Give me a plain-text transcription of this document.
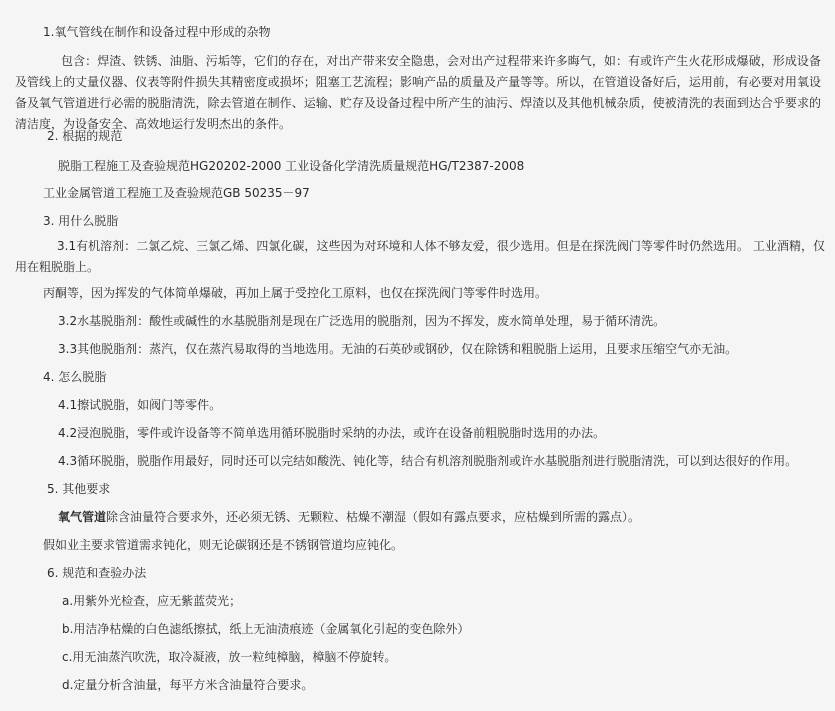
1.氧气管线在制作和设备过程中形成的杂物
包含：焊渣、铁锈、油脂、污垢等，它们的存在，对出产带来安全隐患，会对出产过程带来许多晦气，如：有或许产生火花形成爆破，形成设备及管线上的丈量仪器、仪表等附件损失其精密度或损坏；阻塞工艺流程；影响产品的质量及产量等等。所以，在管道设备好后，运用前，有必要对用氧设备及氧气管道进行必需的脱脂清洗，除去管道在制作、运输、贮存及设备过程中所产生的油污、焊渣以及其他机械杂质，使被清洗的表面到达合乎要求的清洁度，为设备安全、高效地运行发明杰出的条件。
2. 根据的规范
脱脂工程施工及查验规范HG20202-2000 工业设备化学清洗质量规范HG/T2387-2008
工业金属管道工程施工及查验规范GB 50235－97
3. 用什么脱脂
3.1有机溶剂：二氯乙烷、三氯乙烯、四氯化碳，这些因为对环境和人体不够友爱，很少选用。但是在探洗阀门等零件时仍然选用。 工业酒精，仅用在粗脱脂上。
丙酮等，因为挥发的气体简单爆破，再加上属于受控化工原料，也仅在探洗阀门等零件时选用。
3.2水基脱脂剂：酸性或碱性的水基脱脂剂是现在广泛选用的脱脂剂，因为不挥发，废水简单处理，易于循环清洗。
3.3其他脱脂剂：蒸汽，仅在蒸汽易取得的当地选用。无油的石英砂或钢砂，仅在除锈和粗脱脂上运用，且要求压缩空气亦无油。
4. 怎么脱脂
4.1擦试脱脂，如阀门等零件。
4.2浸泡脱脂，零件或许设备等不简单选用循环脱脂时采纳的办法，或许在设备前粗脱脂时选用的办法。
4.3循环脱脂，脱脂作用最好，同时还可以完结如酸洗、钝化等，结合有机溶剂脱脂剂或许水基脱脂剂进行脱脂清洗，可以到达很好的作用。
5. 其他要求
氧气管道除含油量符合要求外，还必须无锈、无颗粒、枯燥不潮湿（假如有露点要求，应枯燥到所需的露点）。
假如业主要求管道需求钝化，则无论碳钢还是不锈钢管道均应钝化。
6. 规范和查验办法
a.用紫外光检查，应无紫蓝荧光；
b.用洁净枯燥的白色滤纸擦拭，纸上无油渍痕迹（金属氧化引起的变色除外）
c.用无油蒸汽吹洗，取冷凝液，放一粒纯樟脑，樟脑不停旋转。
d.定量分析含油量，每平方米含油量符合要求。
